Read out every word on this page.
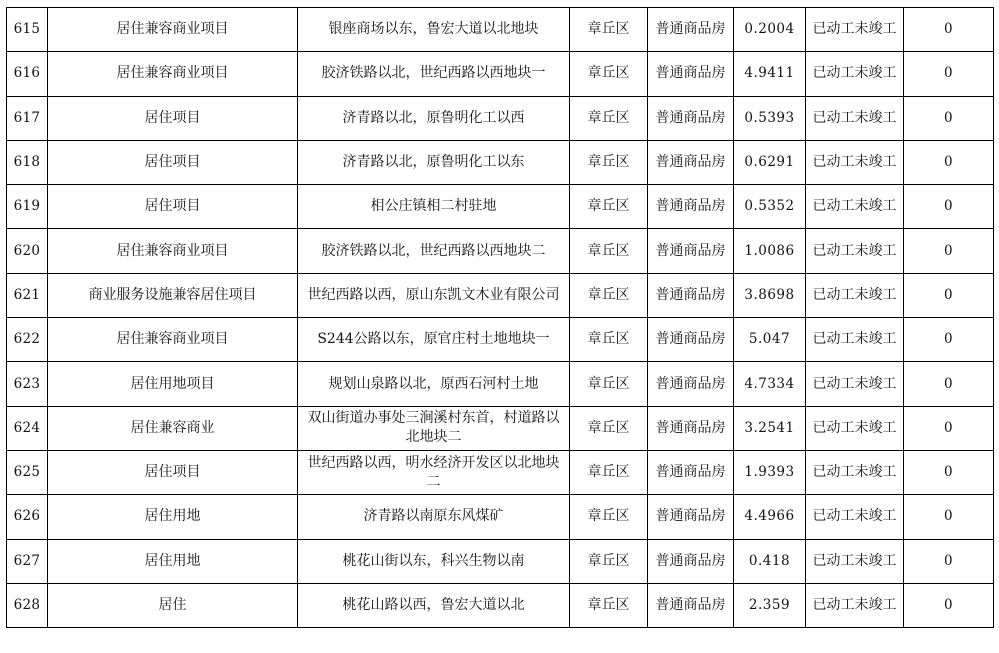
615	居住兼容商业项目	银座商场以东，鲁宏大道以北地块	章丘区	普通商品房	0.2004	已动工未竣工	0
616	居住兼容商业项目	胶济铁路以北，世纪西路以西地块一	章丘区	普通商品房	4.9411	已动工未竣工	0
617	居住项目	济青路以北，原鲁明化工以西	章丘区	普通商品房	0.5393	已动工未竣工	0
618	居住项目	济青路以北，原鲁明化工以东	章丘区	普通商品房	0.6291	已动工未竣工	0
619	居住项目	相公庄镇相二村驻地	章丘区	普通商品房	0.5352	已动工未竣工	0
620	居住兼容商业项目	胶济铁路以北，世纪西路以西地块二	章丘区	普通商品房	1.0086	已动工未竣工	0
621	商业服务设施兼容居住项目	世纪西路以西，原山东凯文木业有限公司	章丘区	普通商品房	3.8698	已动工未竣工	0
622	居住兼容商业项目	S244公路以东，原官庄村土地地块一	章丘区	普通商品房	5.047	已动工未竣工	0
623	居住用地项目	规划山泉路以北，原西石河村土地	章丘区	普通商品房	4.7334	已动工未竣工	0
624	居住兼容商业	双山街道办事处三涧溪村东首，村道路以北地块二	章丘区	普通商品房	3.2541	已动工未竣工	0
625	居住项目	世纪西路以西，明水经济开发区以北地块二	章丘区	普通商品房	1.9393	已动工未竣工	0
626	居住用地	济青路以南原东风煤矿	章丘区	普通商品房	4.4966	已动工未竣工	0
627	居住用地	桃花山街以东，科兴生物以南	章丘区	普通商品房	0.418	已动工未竣工	0
628	居住	桃花山路以西，鲁宏大道以北	章丘区	普通商品房	2.359	已动工未竣工	0
